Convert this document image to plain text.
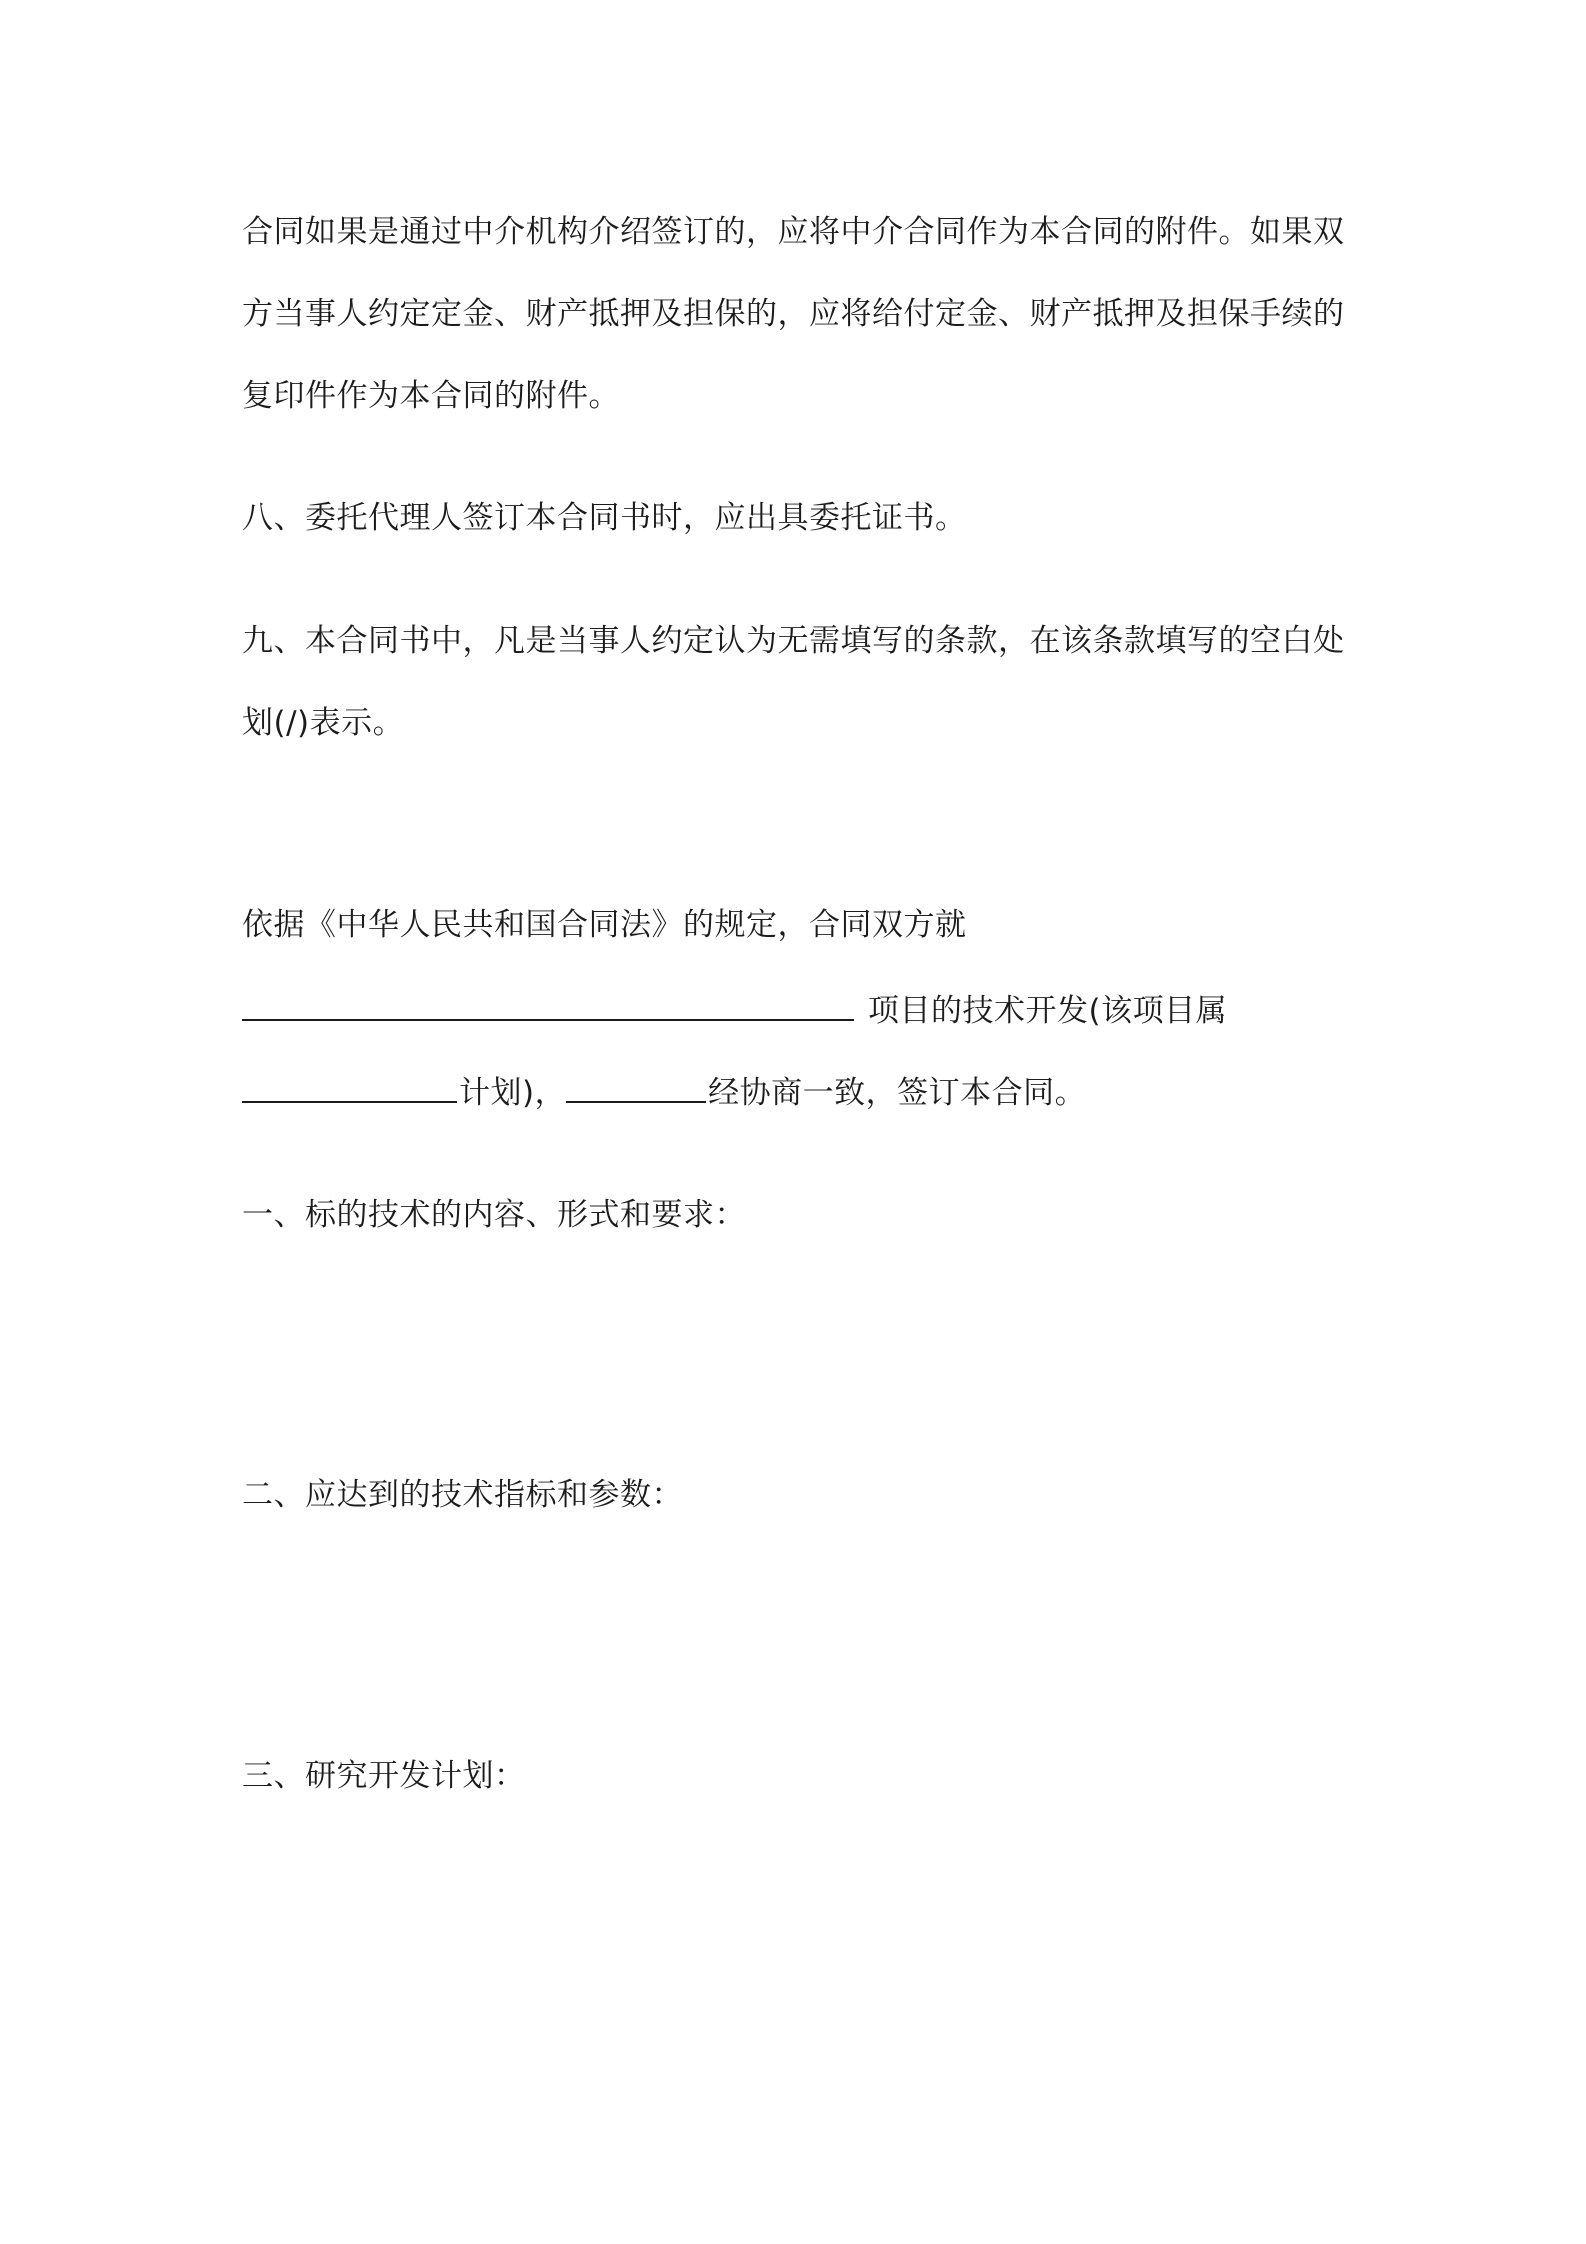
合同如果是通过中介机构介绍签订的，应将中介合同作为本合同的附件。如果双

方当事人约定定金、财产抵押及担保的，应将给付定金、财产抵押及担保手续的

复印件作为本合同的附件。

八、委托代理人签订本合同书时，应出具委托证书。

九、本合同书中，凡是当事人约定认为无需填写的条款，在该条款填写的空白处

划(/)表示。

依据《中华人民共和国合同法》的规定，合同双方就

项目的技术开发(该项目属

计划)，	经协商一致，签订本合同。

一、标的技术的内容、形式和要求：

二、应达到的技术指标和参数：

三、研究开发计划：
